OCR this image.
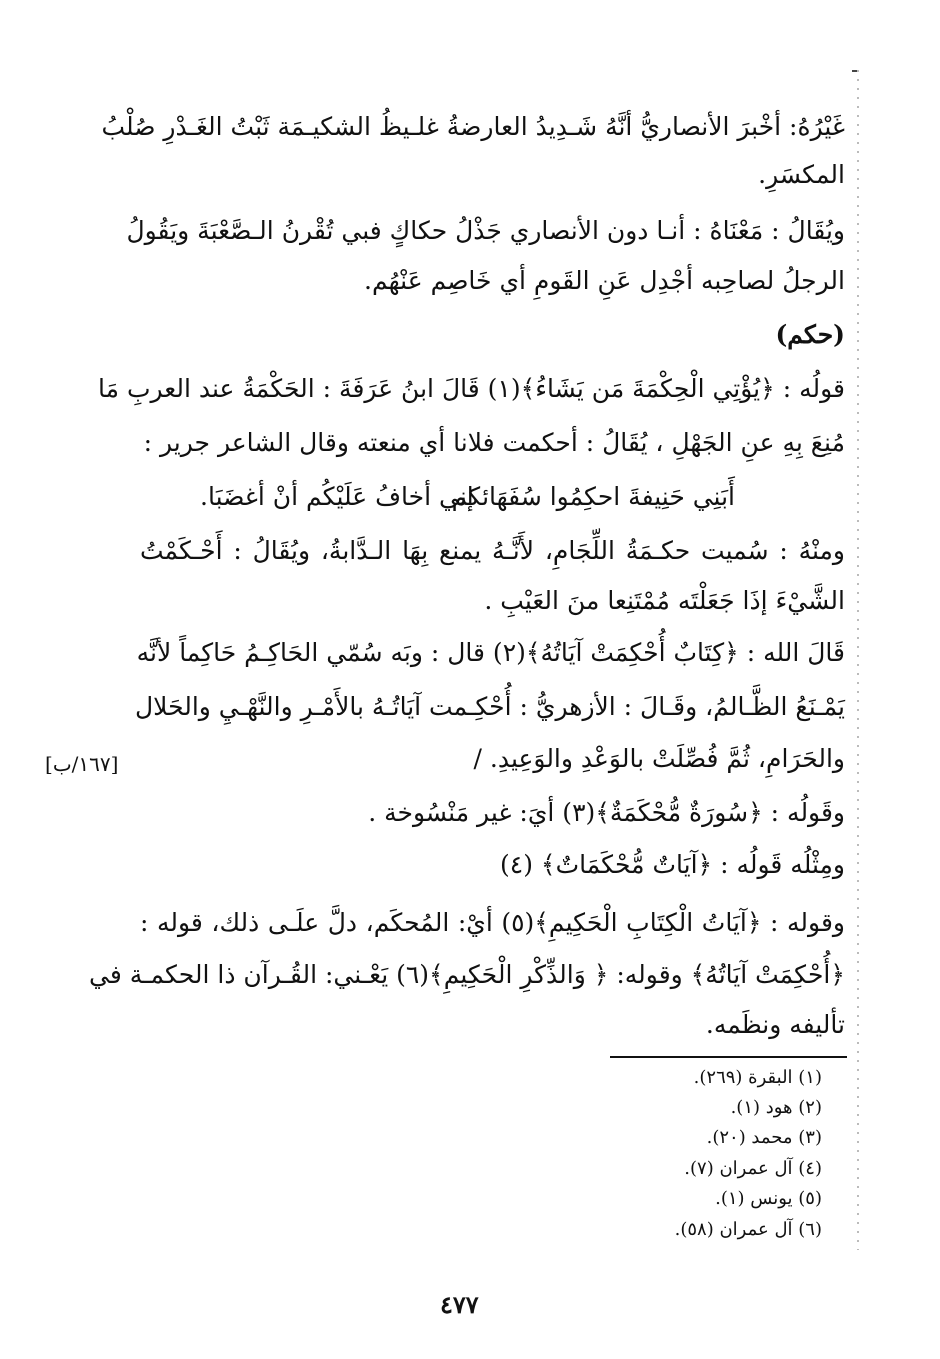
غَيْرُهُ: أخْبرَ الأنصاريُّ أنَّهُ شَـدِيدُ العارضةُ غلـيظُ الشكيـمَة ثَبْتُ الغَـدْرِ صُلْبُ
المكسَرِ.
ويُقَالُ : مَعْنَاهُ : أنـا دون الأنصاري جَذْلُ حكاكٍ فبي تُقْرنُ الـصَّعْبَةَ ويَقُولُ
الرجلُ لصاحِبه أجْدِل عَنِ القَومِ أي خَاصِم عَنْهُم.
(حكم)
قولُه : ﴿يُؤْتِي الْحِكْمَةَ مَن يَشَاءُ﴾(١) قَالَ ابنُ عَرَفَةَ : الحَكْمَةُ عند العربِ مَا
مُنِعَ بِهِ عنِ الجَهْلِ ، يُقَالُ : أحكمت فلانا أي منعته وقال الشاعر جرير :
أَبَنِي حَنِيفةَ احكِمُوا سُفَهَائكم
إني أخافُ عَلَيْكُم أنْ أغضَبَا.
ومنْهُ : سُميت حكـمَةُ اللِّجَامِ، لأَنَّـهُ يمنع بِهَا الـدَّابةُ، ويُقَالُ : أَحْـكَمْتُ
الشَّيْءَ إذَا جَعَلْتَه مُمْتَنِعا منَ العَيْبِ .
قَالَ الله : ﴿كِتَابٌ أُحْكِمَتْ آيَاتُهُ﴾(٢) قال : وبَه سُمّي الحَاكِـمُ حَاكِماً لأنَّه
يَمْـنَعُ الظَّـالمُ، وقَـالَ : الأزهريُّ : أُحْكِـمت آيَاتُـهُ بالأَمْـرِ والنَّهْـيِ والحَلال
والحَرَامِ، ثُمَّ فُصِّلَتْ بالوَعْدِ والوَعِيدِ. /
[١٦٧/ب]
وقَولُه : ﴿سُورَةٌ مُّحْكَمَةٌ﴾(٣) أيَ: غير مَنْسُوخة .
ومِثْلُه قَولُه : ﴿آيَاتٌ مُّحْكَمَاتٌ﴾ (٤)
وقوله : ﴿آيَاتُ الْكِتَابِ الْحَكِيمِ﴾(٥) أيْ: المُحكَم، دلَّ علَـى ذلك، قوله :
﴿أُحْكِمَتْ آيَاتُهُ﴾ وقوله: ﴿ وَالذِّكْرِ الْحَكِيمِ﴾(٦) يَعْـني: القُـرآن ذا الحكمـة في
تأليفه ونظَمه.
(١) البقرة (٢٦٩).
(٢) هود (١).
(٣) محمد (٢٠).
(٤) آل عمران (٧).
(٥) يونس (١).
(٦) آل عمران (٥٨).
٤٧٧
